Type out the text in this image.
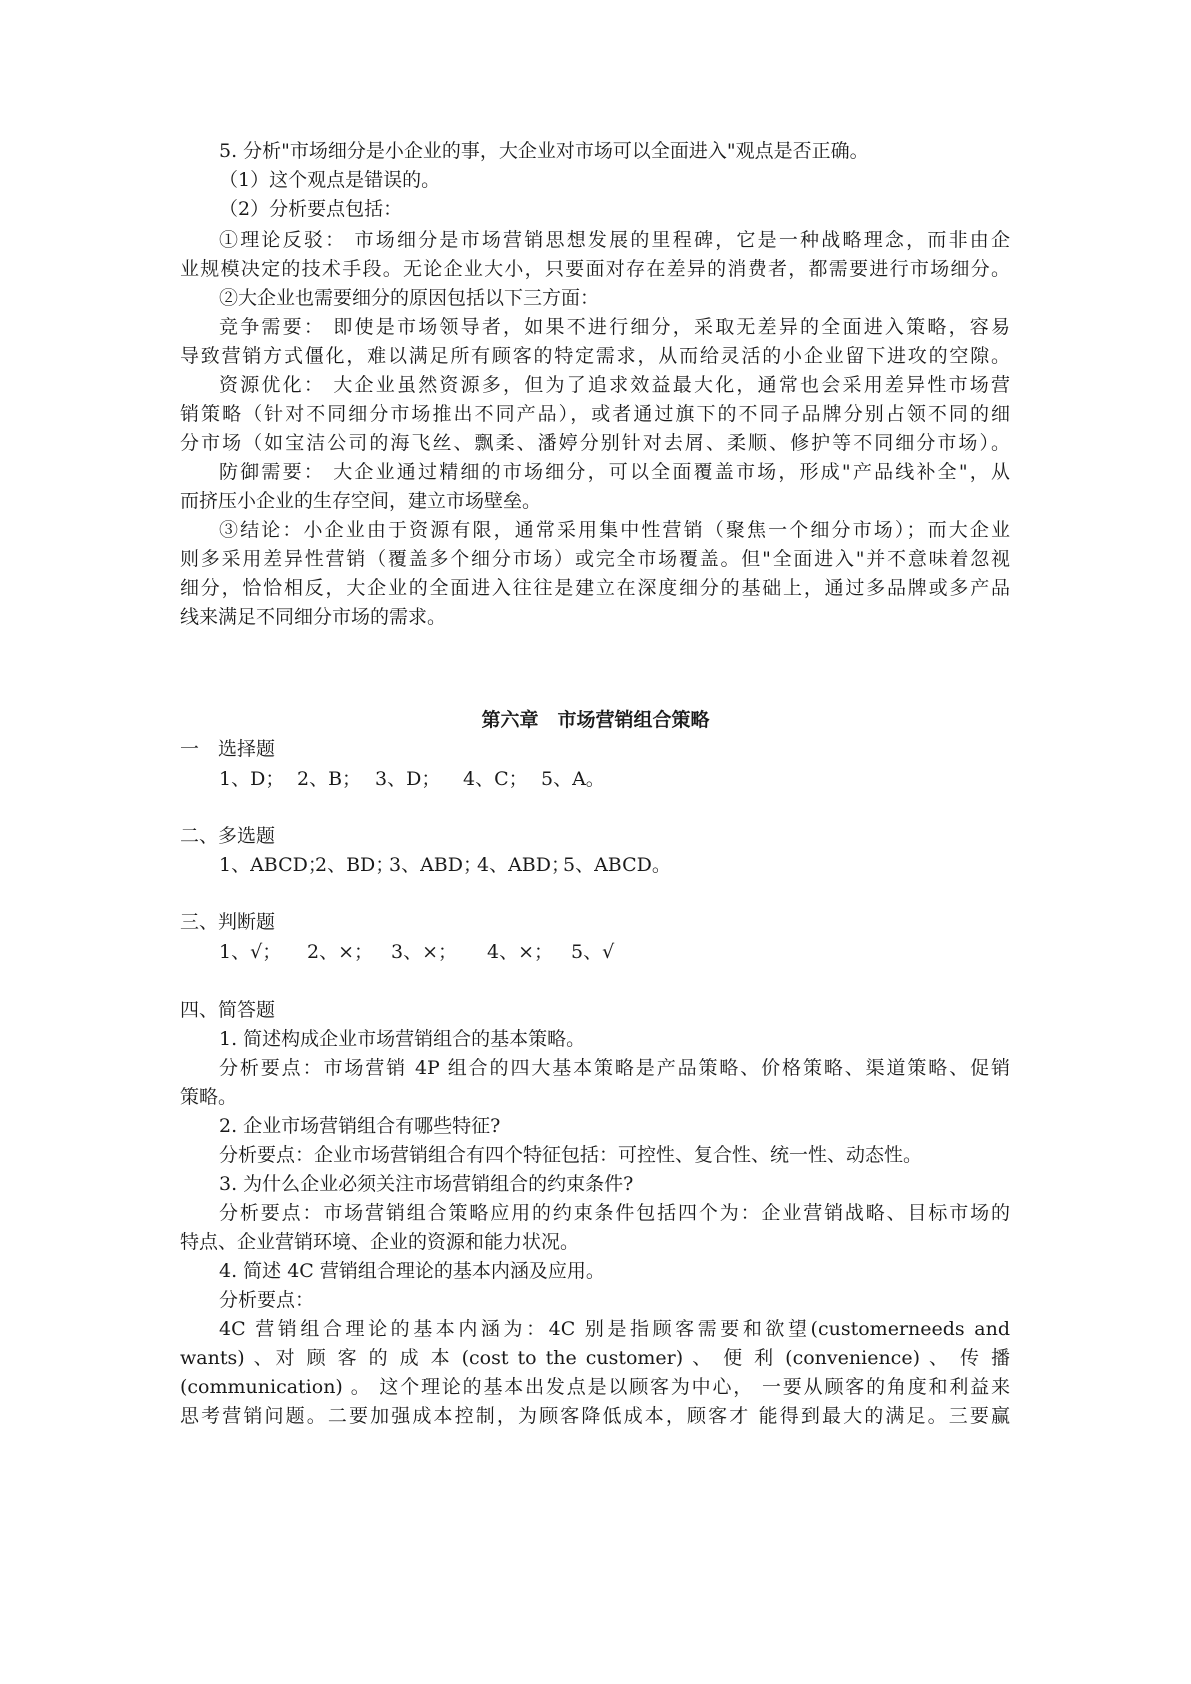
5. 分析"市场细分是小企业的事，大企业对市场可以全面进入"观点是否正确。
（1）这个观点是错误的。
（2）分析要点包括：
①理论反驳： 市场细分是市场营销思想发展的里程碑，它是一种战略理念，而非由企
业规模决定的技术手段。无论企业大小，只要面对存在差异的消费者，都需要进行市场细分。
②大企业也需要细分的原因包括以下三方面：
竞争需要： 即使是市场领导者，如果不进行细分，采取无差异的全面进入策略，容易
导致营销方式僵化，难以满足所有顾客的特定需求，从而给灵活的小企业留下进攻的空隙。
资源优化： 大企业虽然资源多，但为了追求效益最大化，通常也会采用差异性市场营
销策略（针对不同细分市场推出不同产品），或者通过旗下的不同子品牌分别占领不同的细
分市场（如宝洁公司的海飞丝、飘柔、潘婷分别针对去屑、柔顺、修护等不同细分市场）。
防御需要： 大企业通过精细的市场细分，可以全面覆盖市场，形成"产品线补全"，从
而挤压小企业的生存空间，建立市场壁垒。
③结论：小企业由于资源有限，通常采用集中性营销（聚焦一个细分市场）；而大企业
则多采用差异性营销（覆盖多个细分市场）或完全市场覆盖。但"全面进入"并不意味着忽视
细分，恰恰相反，大企业的全面进入往往是建立在深度细分的基础上，通过多品牌或多产品
线来满足不同细分市场的需求。
第六章　市场营销组合策略
一　选择题
1、D； 2、B； 3、D； 4、C； 5、A。
二、多选题
1、ABCD；2、BD；3、ABD；4、ABD；5、ABCD。
三、判断题
1、√； 2、×； 3、×； 4、×； 5、√
四、简答题
1. 简述构成企业市场营销组合的基本策略。
分析要点：市场营销 4P 组合的四大基本策略是产品策略、价格策略、渠道策略、促销
策略。
2. 企业市场营销组合有哪些特征?
分析要点：企业市场营销组合有四个特征包括：可控性、复合性、统一性、动态性。
3. 为什么企业必须关注市场营销组合的约束条件?
分析要点：市场营销组合策略应用的约束条件包括四个为：企业营销战略、目标市场的
特点、企业营销环境、企业的资源和能力状况。
4. 简述 4C 营销组合理论的基本内涵及应用。
分析要点：
4C 营销组合理论的基本内涵为：4C 别是指顾客需要和欲望(customerneeds and
wants) 、对 顾 客 的 成 本 (cost to the customer) 、 便 利 (convenience) 、 传 播
(communication) 。 这个理论的基本出发点是以顾客为中心， 一要从顾客的角度和利益来
思考营销问题。二要加强成本控制，为顾客降低成本，顾客才 能得到最大的满足。三要赢
